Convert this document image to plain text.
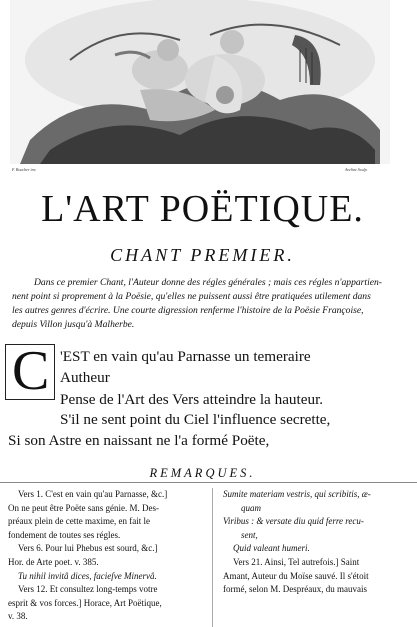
F. Boucher inv.	Aveline Sculp.
L'ART POËTIQUE.
CHANT PREMIER.

Dans ce premier Chant, l'Auteur donne des régles générales ; mais ces régles n'appartien-

nent point si proprement à la Poësie, qu'elles ne puissent aussi être pratiquées utilement dans

les autres genres d'écrire. Une courte digression renferme l'histoire de la Poësie Françoise,

depuis Villon jusqu'à Malherbe.

C 'EST en vain qu'au Parnasse un temeraire
Autheur
Pense de l'Art des Vers atteindre la hauteur.
S'il ne sent point du Ciel l'influence secrette,
Si son Astre en naissant ne l'a formé Poëte,
REMARQUES.

Vers 1. C'est en vain qu'au Parnasse, &c.]

On ne peut être Poëte sans génie. M. Des-

préaux plein de cette maxime, en fait le

fondement de toutes ses régles.

Vers 6. Pour lui Phebus est sourd, &c.]

Hor. de Arte poet. v. 385.

Tu nihil invitâ dices, facieſve Minervâ.

Vers 12. Et consultez long-temps votre

esprit & vos forces.] Horace, Art Poëtique,

v. 38.

Sumite materiam vestris, qui scribitis, æ-

quam

Viribus : & versate diu quid ferre recu-

sent,

Quid valeant humeri.

Vers 21. Ainsi, Tel autrefois.] Saint

Amant, Auteur du Moïse sauvé. Il s'étoit

formé, selon M. Despréaux, du mauvais
